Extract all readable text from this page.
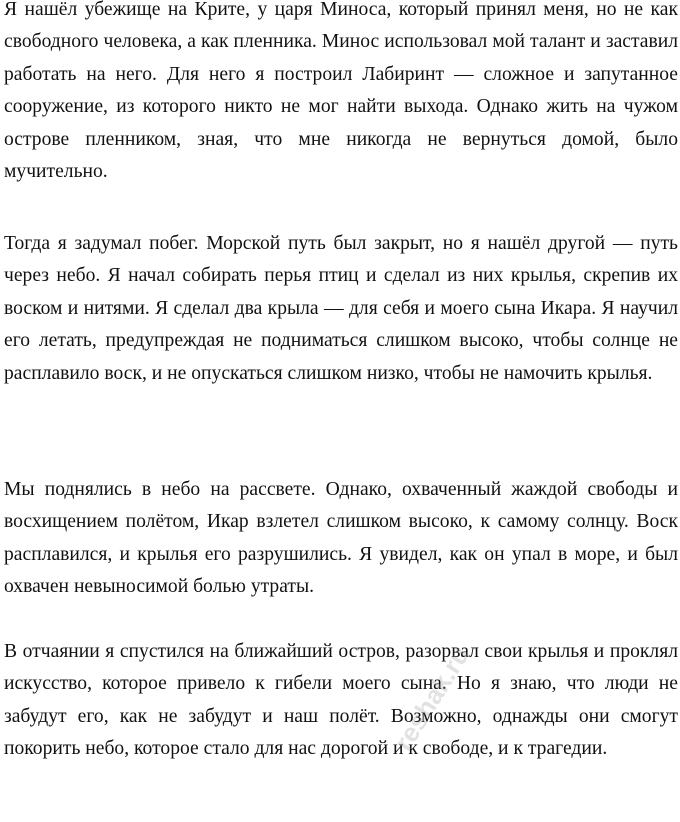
Я нашёл убежище на Крите, у царя Миноса, который принял меня, но не как свободного человека, а как пленника. Минос использовал мой талант и заставил работать на него. Для него я построил Лабиринт — сложное и запутанное сооружение, из которого никто не мог найти выхода. Однако жить на чужом острове пленником, зная, что мне никогда не вернуться домой, было мучительно.

Тогда я задумал побег. Морской путь был закрыт, но я нашёл другой — путь через небо. Я начал собирать перья птиц и сделал из них крылья, скрепив их воском и нитями. Я сделал два крыла — для себя и моего сына Икара. Я научил его летать, предупреждая не подниматься слишком высоко, чтобы солнце не расплавило воск, и не опускаться слишком низко, чтобы не намочить крылья.

Мы поднялись в небо на рассвете. Однако, охваченный жаждой свободы и восхищением полётом, Икар взлетел слишком высоко, к самому солнцу. Воск расплавился, и крылья его разрушились. Я увидел, как он упал в море, и был охвачен невыносимой болью утраты.

В отчаянии я спустился на ближайший остров, разорвал свои крылья и проклял искусство, которое привело к гибели моего сына. Но я знаю, что люди не забудут его, как не забудут и наш полёт. Возможно, однажды они смогут покорить небо, которое стало для нас дорогой и к свободе, и к трагедии.

reshak.ru
